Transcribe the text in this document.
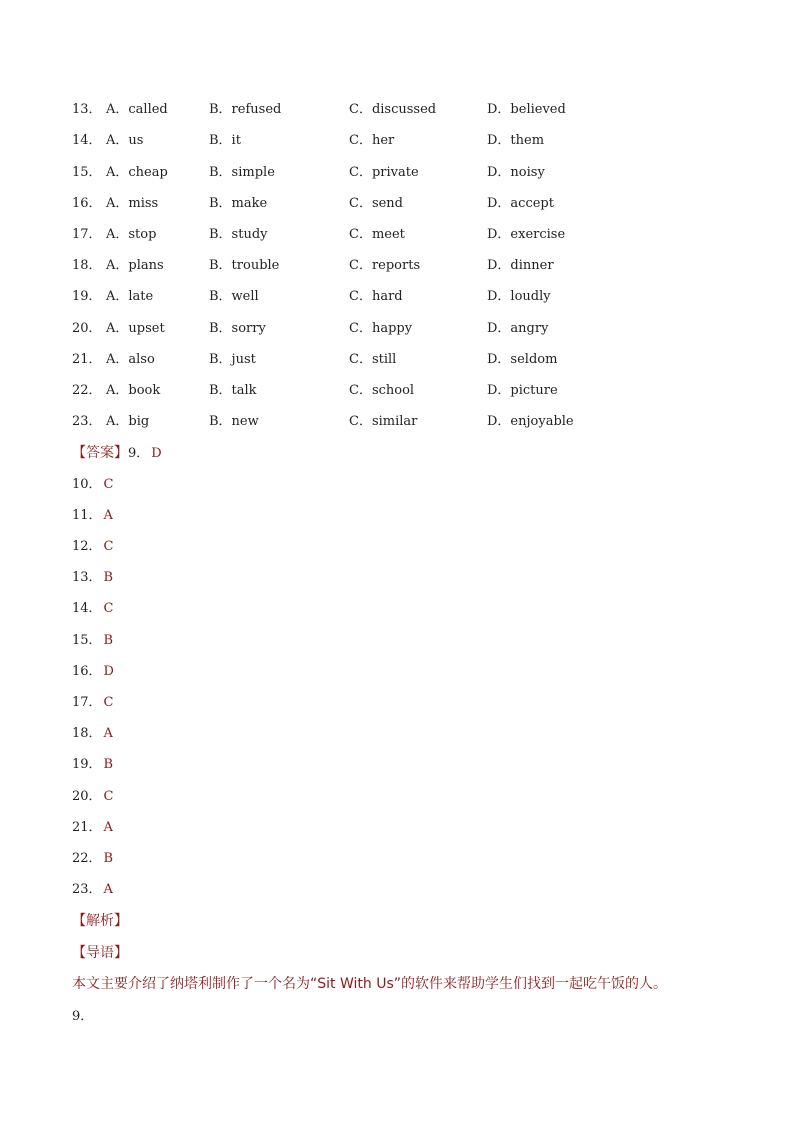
13． A．called	B．refused	C．discussed	D．believed
14． A．us	B．it	C．her	D．them
15． A．cheap	B．simple	C．private	D．noisy
16． A．miss	B．make	C．send	D．accept
17． A．stop	B．study	C．meet	D．exercise
18． A．plans	B．trouble	C．reports	D．dinner
19． A．late	B．well	C．hard	D．loudly
20． A．upset	B．sorry	C．happy	D．angry
21． A．also	B．just	C．still	D．seldom
22． A．book	B．talk	C．school	D．picture
23． A．big	B．new	C．similar	D．enjoyable
【答案】9． D
10． C
11． A
12． C
13． B
14． C
15． B
16． D
17． C
18． A
19． B
20． C
21． A
22． B
23． A
【解析】
【导语】
本文主要介绍了纳塔利制作了一个名为“Sit With Us”的软件来帮助学生们找到一起吃午饭的人。
9．
